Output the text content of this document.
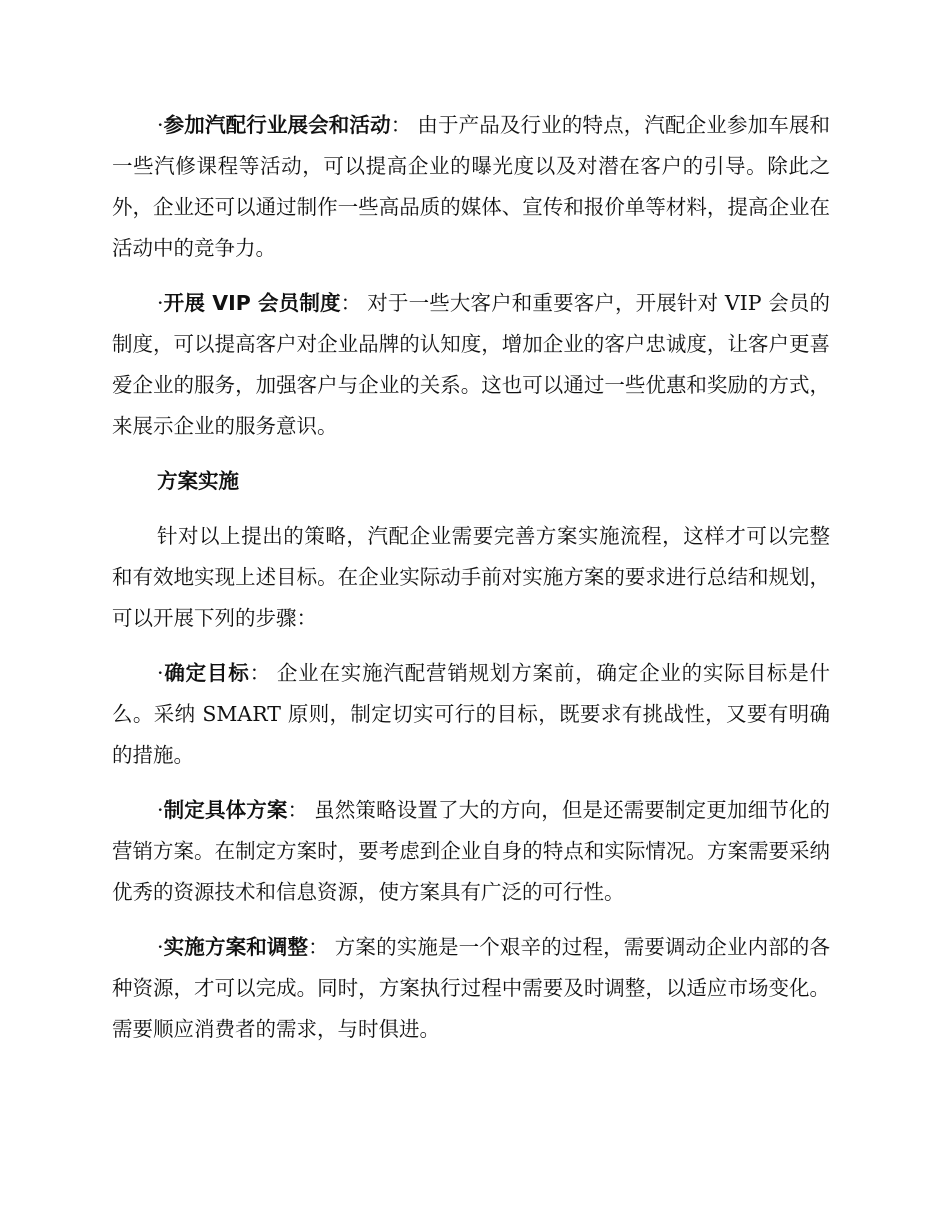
·参加汽配行业展会和活动： 由于产品及行业的特点，汽配企业参加车展和一些汽修课程等活动，可以提高企业的曝光度以及对潜在客户的引导。除此之外，企业还可以通过制作一些高品质的媒体、宣传和报价单等材料，提高企业在活动中的竞争力。

·开展 VIP 会员制度： 对于一些大客户和重要客户，开展针对 VIP 会员的制度，可以提高客户对企业品牌的认知度，增加企业的客户忠诚度，让客户更喜爱企业的服务，加强客户与企业的关系。这也可以通过一些优惠和奖励的方式，来展示企业的服务意识。

方案实施

针对以上提出的策略，汽配企业需要完善方案实施流程，这样才可以完整和有效地实现上述目标。在企业实际动手前对实施方案的要求进行总结和规划，可以开展下列的步骤：

·确定目标： 企业在实施汽配营销规划方案前，确定企业的实际目标是什么。采纳 SMART 原则，制定切实可行的目标，既要求有挑战性，又要有明确的措施。

·制定具体方案： 虽然策略设置了大的方向，但是还需要制定更加细节化的营销方案。在制定方案时，要考虑到企业自身的特点和实际情况。方案需要采纳优秀的资源技术和信息资源，使方案具有广泛的可行性。

·实施方案和调整： 方案的实施是一个艰辛的过程，需要调动企业内部的各种资源，才可以完成。同时，方案执行过程中需要及时调整，以适应市场变化。需要顺应消费者的需求，与时俱进。
